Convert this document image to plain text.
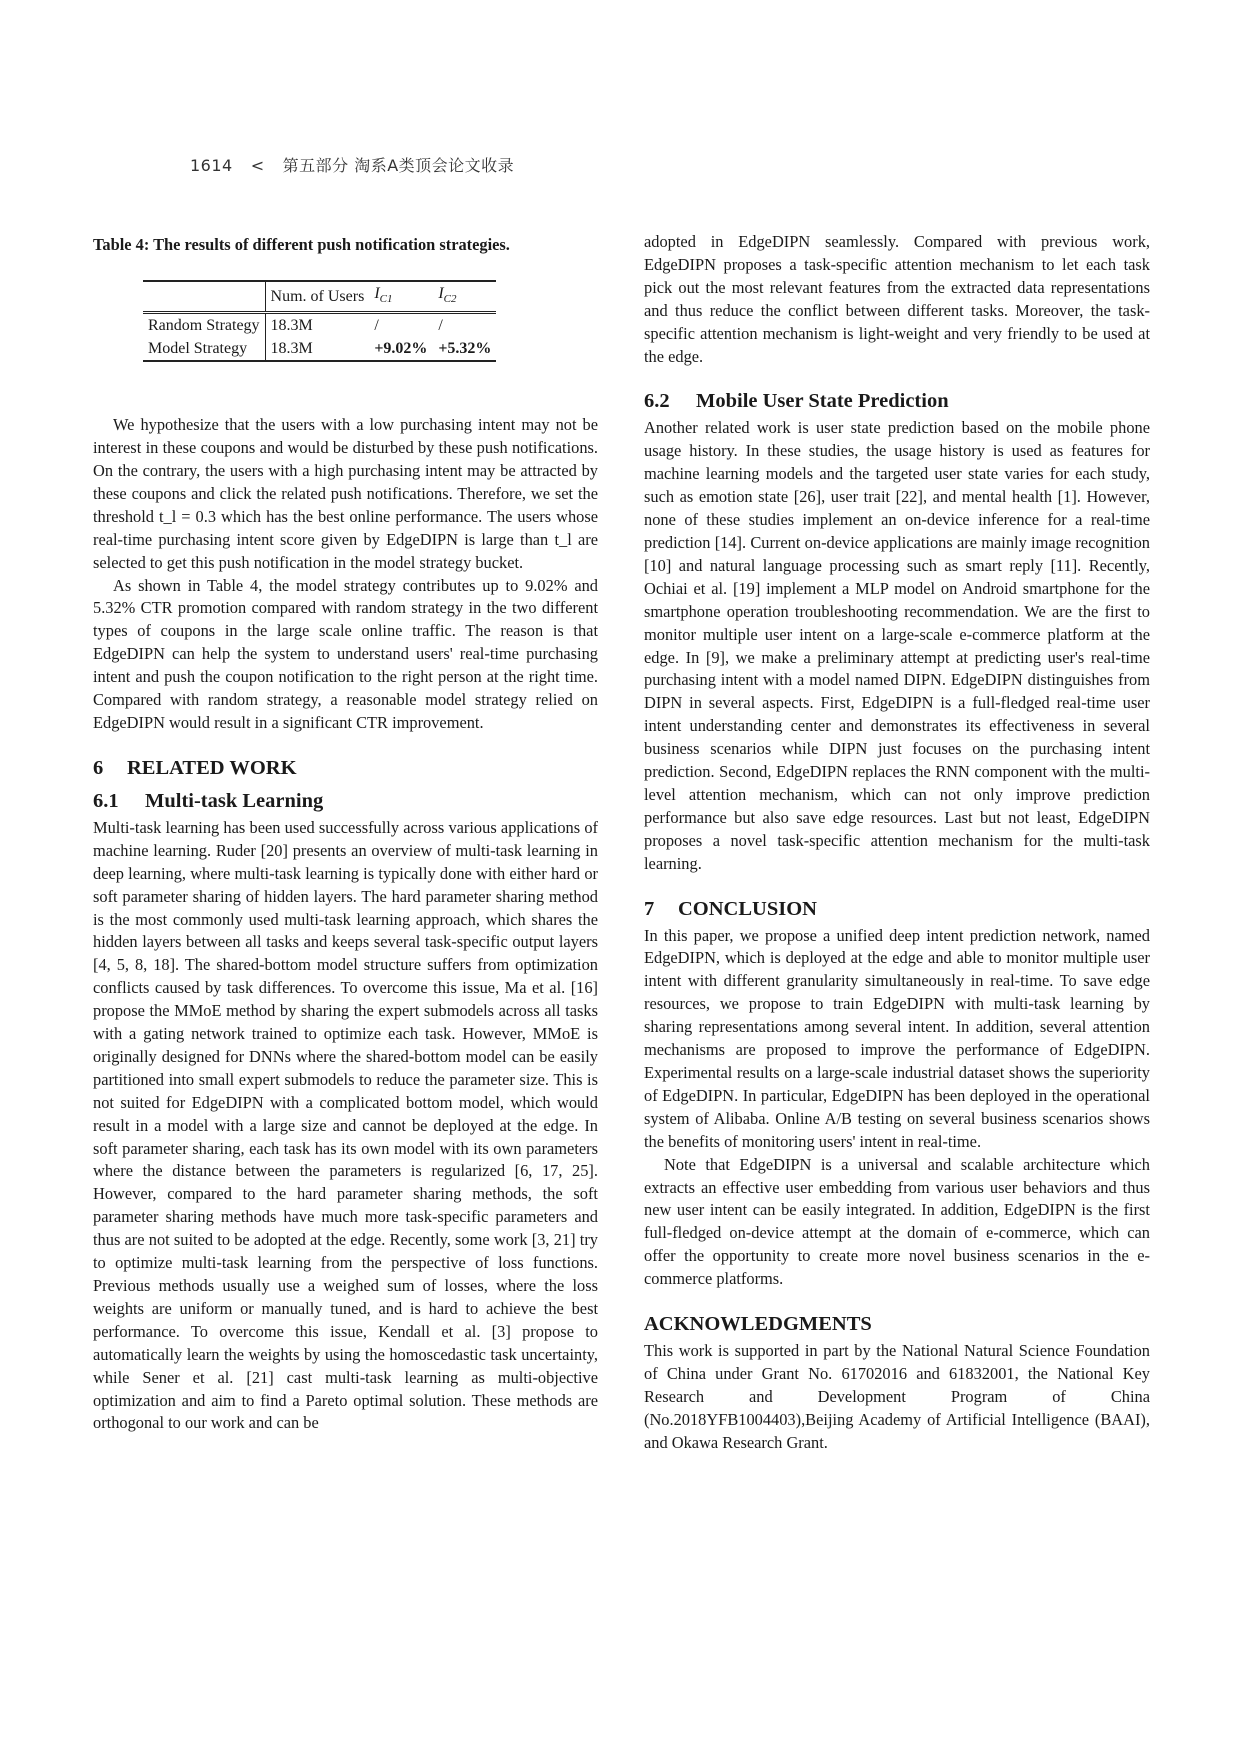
1614 < 第五部分 淘系A类顶会论文收录
Table 4: The results of different push notification strategies.
	Num. of Users	$I_{C1}$	$I_{C2}$
Random Strategy	18.3M	/	/
Model Strategy	18.3M	+9.02%	+5.32%

We hypothesize that the users with a low purchasing intent may not be interest in these coupons and would be disturbed by these push notifications. On the contrary, the users with a high purchasing intent may be attracted by these coupons and click the related push notifications. Therefore, we set the threshold t_l = 0.3 which has the best online performance. The users whose real-time purchasing intent score given by EdgeDIPN is large than t_l are selected to get this push notification in the model strategy bucket.

As shown in Table 4, the model strategy contributes up to 9.02% and 5.32% CTR promotion compared with random strategy in the two different types of coupons in the large scale online traffic. The reason is that EdgeDIPN can help the system to understand users' real-time purchasing intent and push the coupon notification to the right person at the right time. Compared with random strategy, a reasonable model strategy relied on EdgeDIPN would result in a significant CTR improvement.

6 RELATED WORK
6.1 Multi-task Learning

Multi-task learning has been used successfully across various applications of machine learning. Ruder [20] presents an overview of multi-task learning in deep learning, where multi-task learning is typically done with either hard or soft parameter sharing of hidden layers. The hard parameter sharing method is the most commonly used multi-task learning approach, which shares the hidden layers between all tasks and keeps several task-specific output layers [4, 5, 8, 18]. The shared-bottom model structure suffers from optimization conflicts caused by task differences. To overcome this issue, Ma et al. [16] propose the MMoE method by sharing the expert submodels across all tasks with a gating network trained to optimize each task. However, MMoE is originally designed for DNNs where the shared-bottom model can be easily partitioned into small expert submodels to reduce the parameter size. This is not suited for EdgeDIPN with a complicated bottom model, which would result in a model with a large size and cannot be deployed at the edge. In soft parameter sharing, each task has its own model with its own parameters where the distance between the parameters is regularized [6, 17, 25]. However, compared to the hard parameter sharing methods, the soft parameter sharing methods have much more task-specific parameters and thus are not suited to be adopted at the edge. Recently, some work [3, 21] try to optimize multi-task learning from the perspective of loss functions. Previous methods usually use a weighed sum of losses, where the loss weights are uniform or manually tuned, and is hard to achieve the best performance. To overcome this issue, Kendall et al. [3] propose to automatically learn the weights by using the homoscedastic task uncertainty, while Sener et al. [21] cast multi-task learning as multi-objective optimization and aim to find a Pareto optimal solution. These methods are orthogonal to our work and can be

adopted in EdgeDIPN seamlessly. Compared with previous work, EdgeDIPN proposes a task-specific attention mechanism to let each task pick out the most relevant features from the extracted data representations and thus reduce the conflict between different tasks. Moreover, the task-specific attention mechanism is light-weight and very friendly to be used at the edge.

6.2 Mobile User State Prediction

Another related work is user state prediction based on the mobile phone usage history. In these studies, the usage history is used as features for machine learning models and the targeted user state varies for each study, such as emotion state [26], user trait [22], and mental health [1]. However, none of these studies implement an on-device inference for a real-time prediction [14]. Current on-device applications are mainly image recognition [10] and natural language processing such as smart reply [11]. Recently, Ochiai et al. [19] implement a MLP model on Android smartphone for the smartphone operation troubleshooting recommendation. We are the first to monitor multiple user intent on a large-scale e-commerce platform at the edge. In [9], we make a preliminary attempt at predicting user's real-time purchasing intent with a model named DIPN. EdgeDIPN distinguishes from DIPN in several aspects. First, EdgeDIPN is a full-fledged real-time user intent understanding center and demonstrates its effectiveness in several business scenarios while DIPN just focuses on the purchasing intent prediction. Second, EdgeDIPN replaces the RNN component with the multi-level attention mechanism, which can not only improve prediction performance but also save edge resources. Last but not least, EdgeDIPN proposes a novel task-specific attention mechanism for the multi-task learning.

7 CONCLUSION

In this paper, we propose a unified deep intent prediction network, named EdgeDIPN, which is deployed at the edge and able to monitor multiple user intent with different granularity simultaneously in real-time. To save edge resources, we propose to train EdgeDIPN with multi-task learning by sharing representations among several intent. In addition, several attention mechanisms are proposed to improve the performance of EdgeDIPN. Experimental results on a large-scale industrial dataset shows the superiority of EdgeDIPN. In particular, EdgeDIPN has been deployed in the operational system of Alibaba. Online A/B testing on several business scenarios shows the benefits of monitoring users' intent in real-time.

Note that EdgeDIPN is a universal and scalable architecture which extracts an effective user embedding from various user behaviors and thus new user intent can be easily integrated. In addition, EdgeDIPN is the first full-fledged on-device attempt at the domain of e-commerce, which can offer the opportunity to create more novel business scenarios in the e-commerce platforms.

ACKNOWLEDGMENTS

This work is supported in part by the National Natural Science Foundation of China under Grant No. 61702016 and 61832001, the National Key Research and Development Program of China (No.2018YFB1004403),Beijing Academy of Artificial Intelligence (BAAI), and Okawa Research Grant.
